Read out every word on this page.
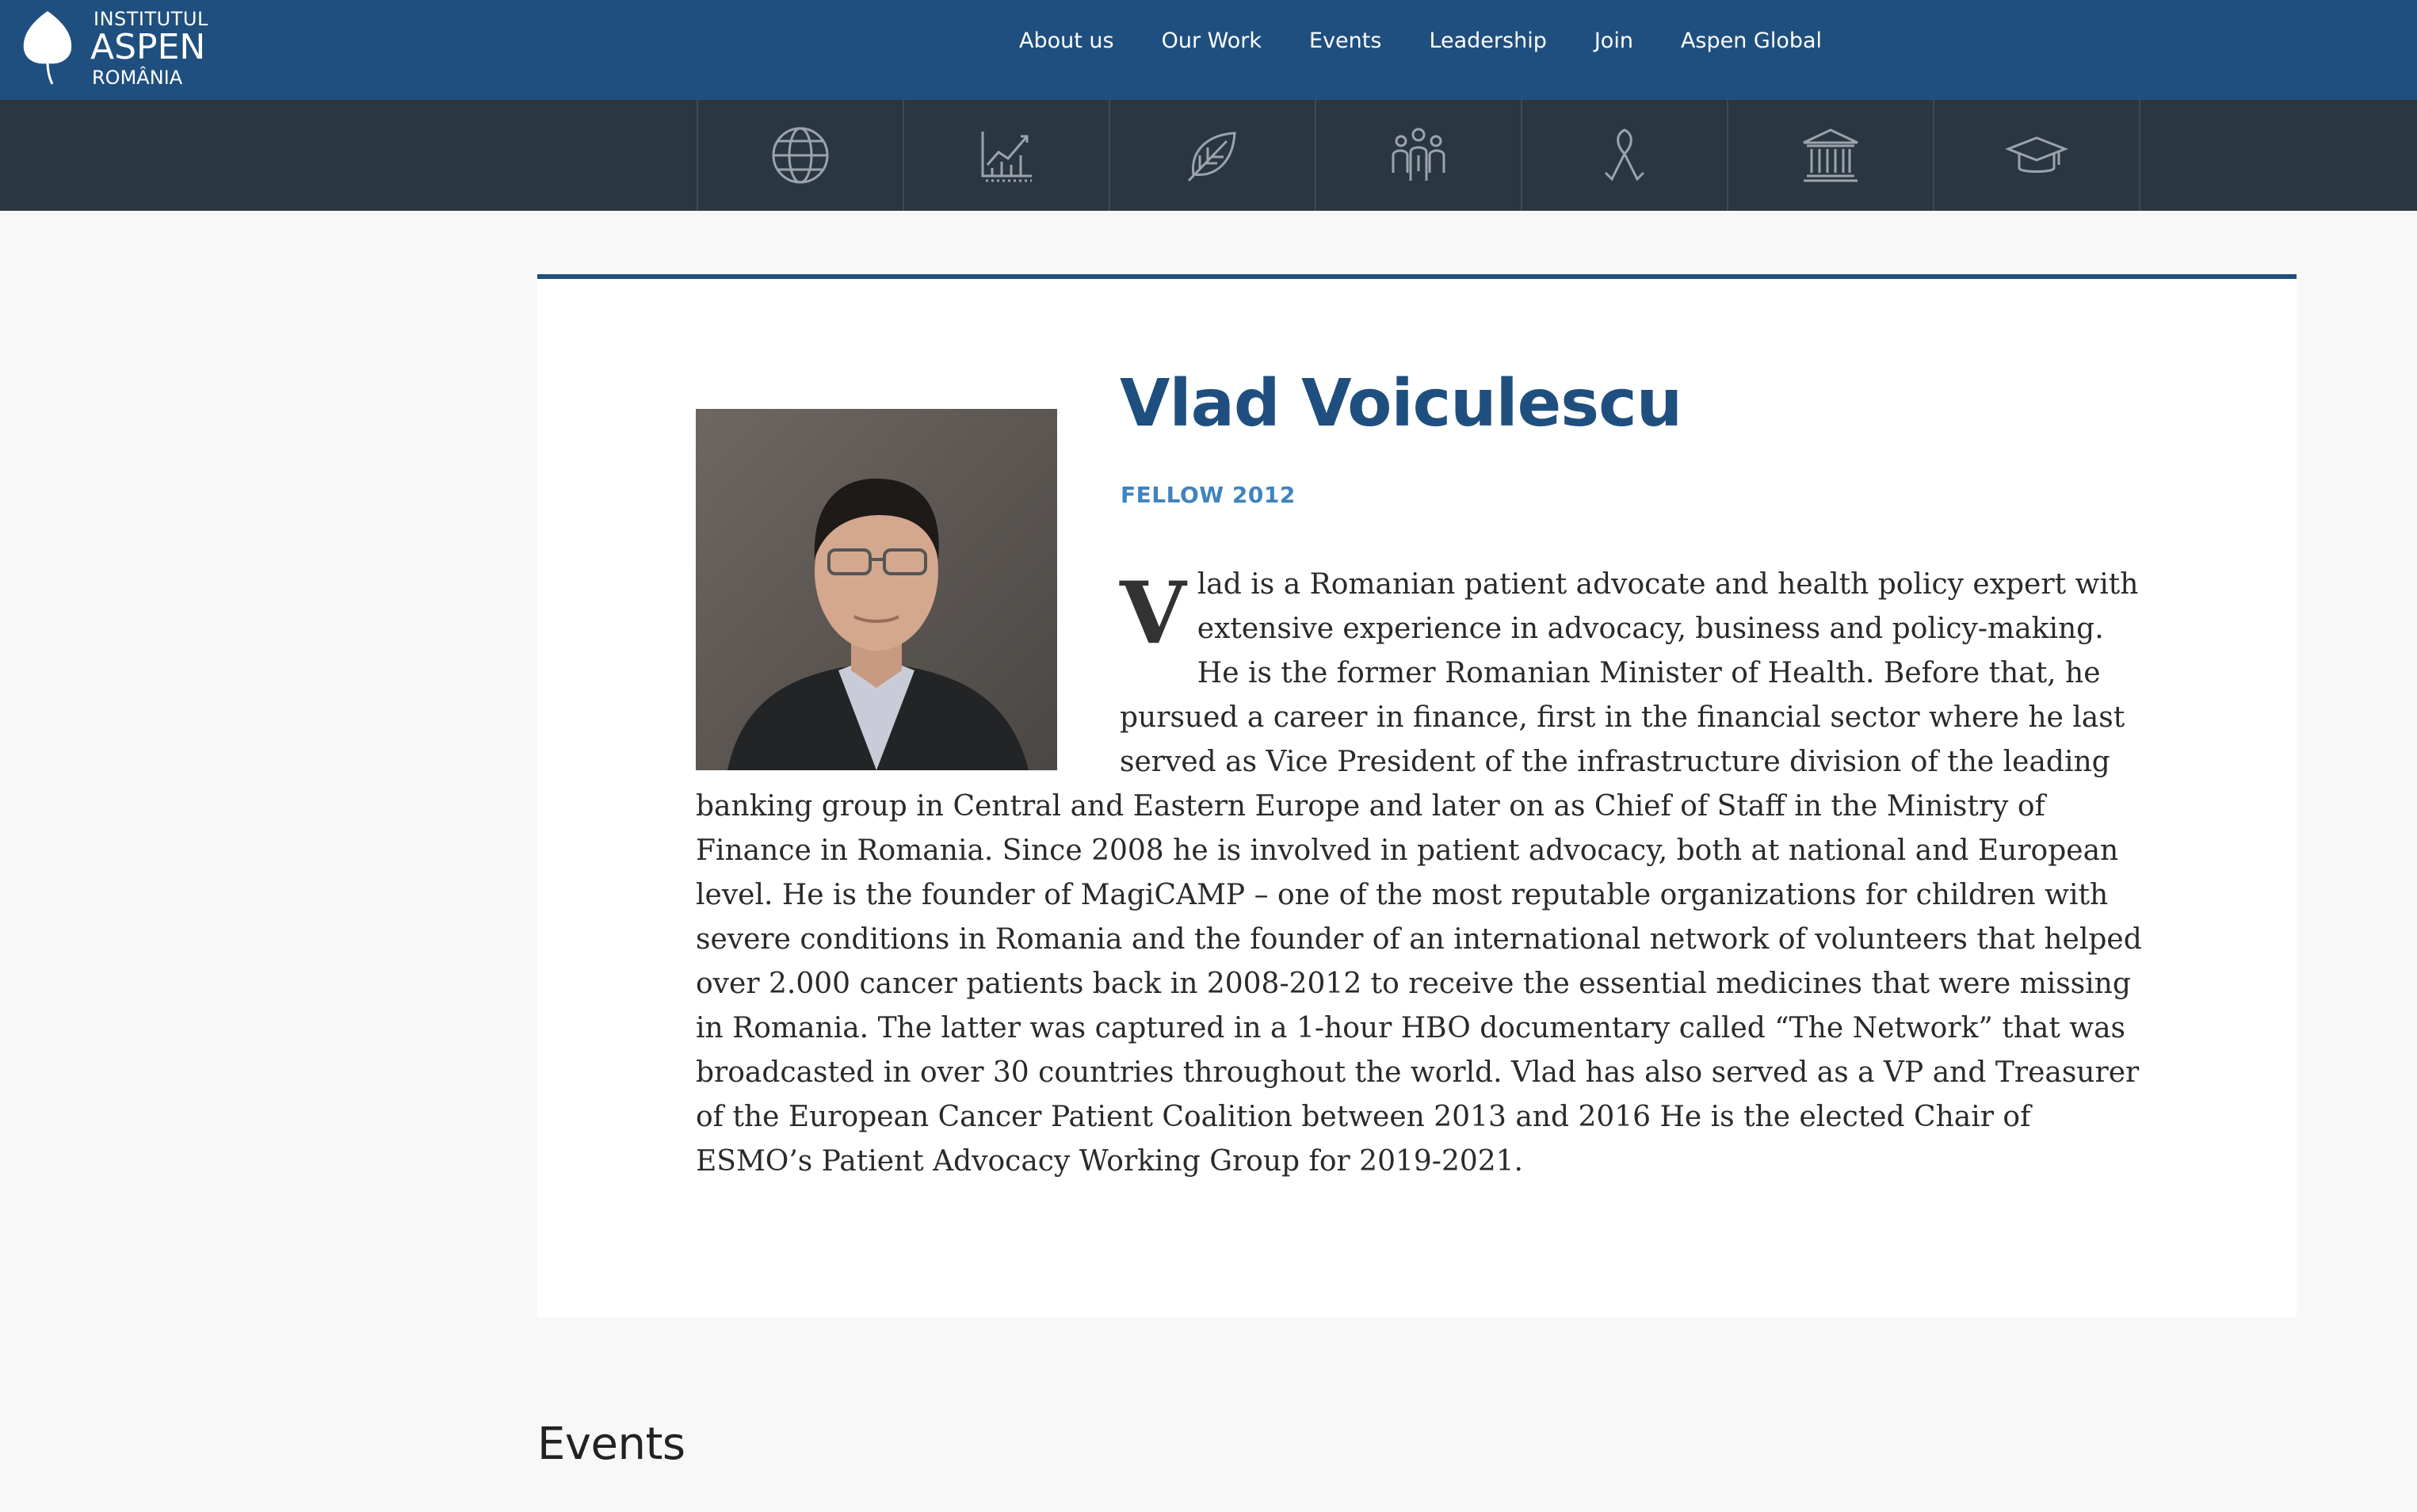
INSTITUTUL
ASPEN
ROMÂNIA
About us Our Work Events Leadership Join Aspen Global
Vlad Voiculescu
FELLOW 2012

Vlad is a Romanian patient advocate and health policy expert with extensive experience in advocacy, business and policy-making. He is the former Romanian Minister of Health. Before that, he pursued a career in finance, first in the financial sector where he last served as Vice President of the infrastructure division of the leading banking group in Central and Eastern Europe and later on as Chief of Staff in the Ministry of Finance in Romania. Since 2008 he is involved in patient advocacy, both at national and European level. He is the founder of MagiCAMP – one of the most reputable organizations for children with severe conditions in Romania and the founder of an international network of volunteers that helped over 2.000 cancer patients back in 2008-2012 to receive the essential medicines that were missing in Romania. The latter was captured in a 1-hour HBO documentary called “The Network” that was broadcasted in over 30 countries throughout the world. Vlad has also served as a VP and Treasurer of the European Cancer Patient Coalition between 2013 and 2016 He is the elected Chair of ESMO’s Patient Advocacy Working Group for 2019-2021.

Events
